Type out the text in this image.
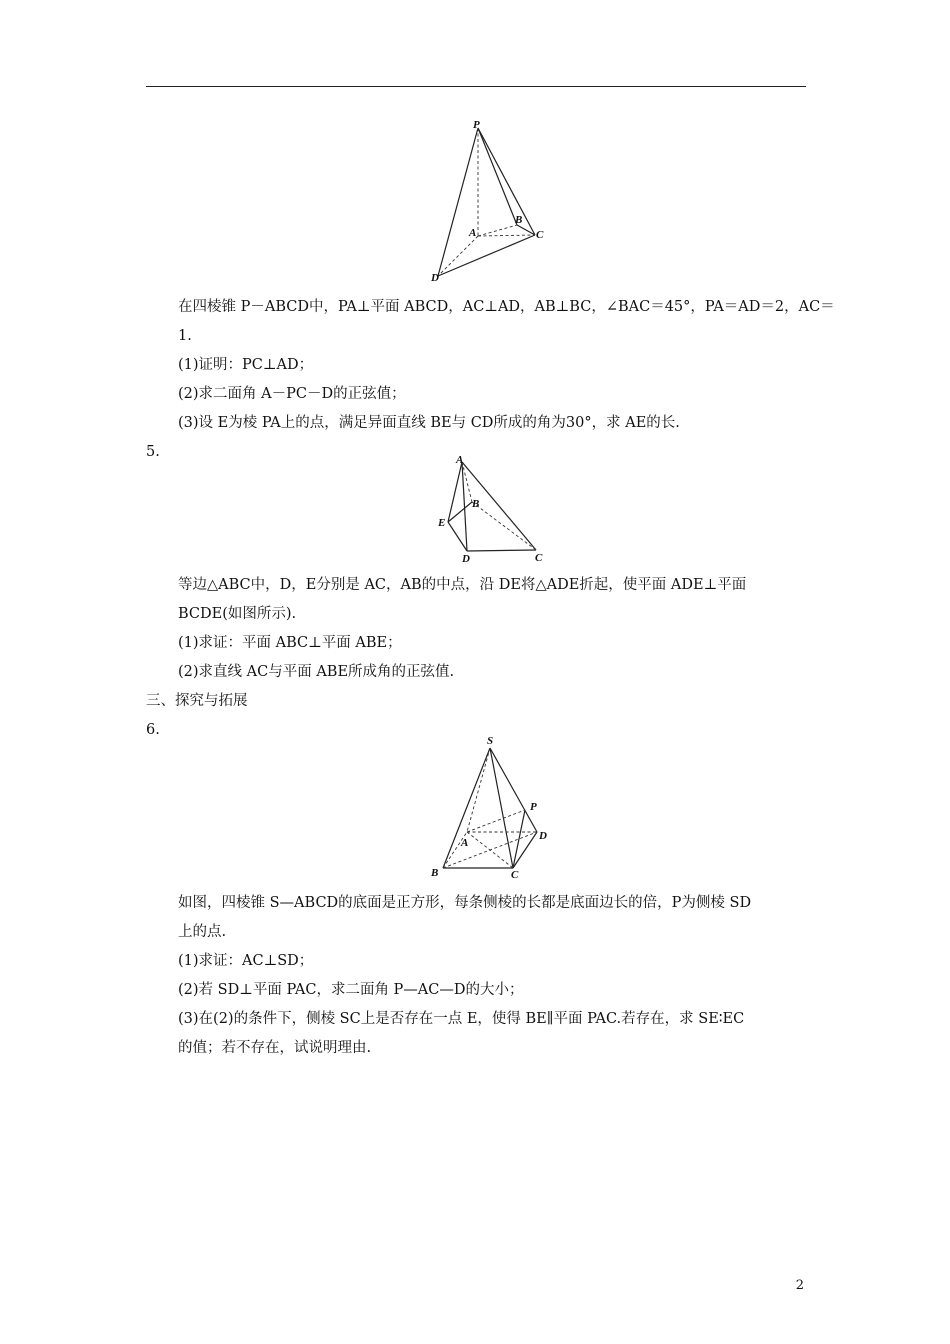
P
A
B
C
D
在四棱锥 P－ABCD中，PA⊥平面 ABCD，AC⊥AD，AB⊥BC，∠BAC＝45°，PA＝AD＝2，AC＝
1.
(1)证明：PC⊥AD；
(2)求二面角 A－PC－D的正弦值；
(3)设 E为棱 PA上的点，满足异面直线 BE与 CD所成的角为30°，求 AE的长.
5.	A
B
E
D	C
等边△ABC中，D，E分别是 AC，AB的中点，沿 DE将△ADE折起，使平面 ADE⊥平面
BCDE(如图所示).
(1)求证：平面 ABC⊥平面 ABE；
(2)求直线 AC与平面 ABE所成角的正弦值.
三、探究与拓展
6.
S
P
D
A
B	C
如图，四棱锥 S—ABCD的底面是正方形，每条侧棱的长都是底面边长的倍，P为侧棱 SD
上的点.
(1)求证：AC⊥SD；
(2)若 SD⊥平面 PAC，求二面角 P—AC—D的大小；
(3)在(2)的条件下，侧棱 SC上是否存在一点 E，使得 BE∥平面 PAC.若存在，求 SE∶EC
的值；若不存在，试说明理由.
2
